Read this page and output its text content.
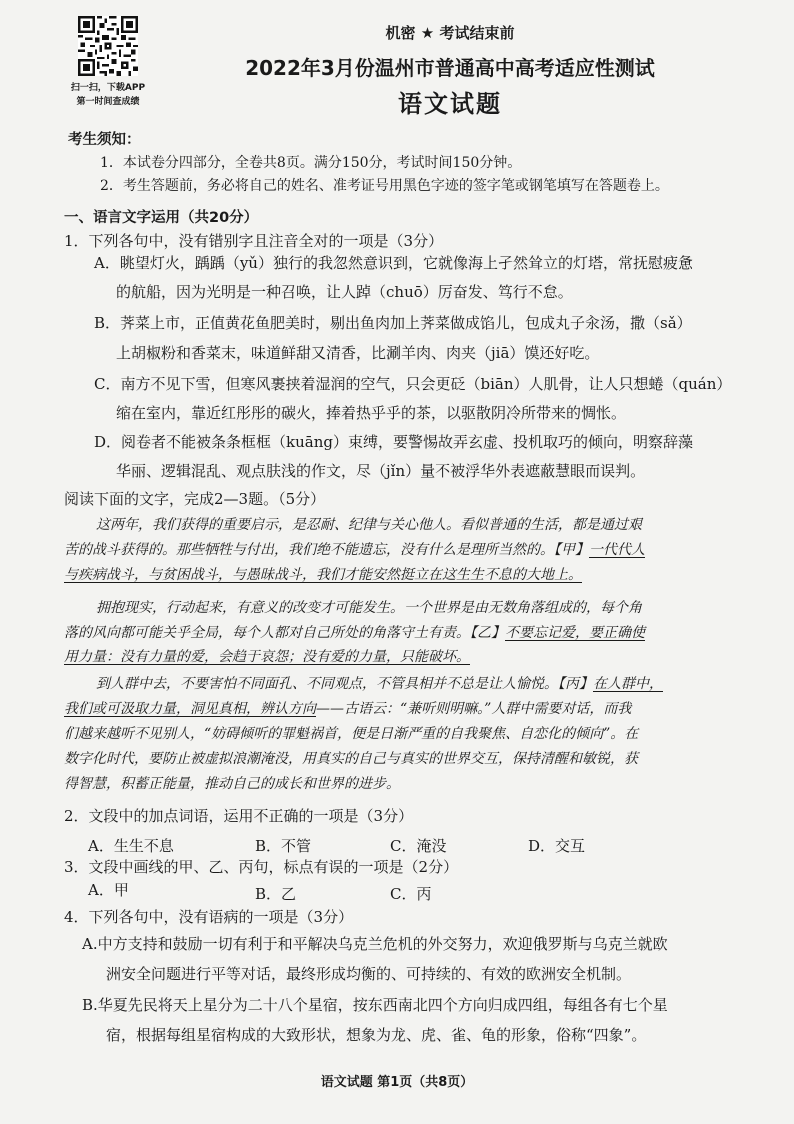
扫一扫，下载APP
第一时间查成绩
机密 ★ 考试结束前
2022年3月份温州市普通高中高考适应性测试
语文试题
考生须知：
1．本试卷分四部分，全卷共8页。满分150分，考试时间150分钟。
2．考生答题前，务必将自己的姓名、准考证号用黑色字迹的签字笔或钢笔填写在答题卷上。
一、语言文字运用（共20分）
1．下列各句中，没有错别字且注音全对的一项是（3分）
A．眺望灯火，踽踽（yǔ）独行的我忽然意识到，它就像海上孑然耸立的灯塔，常抚慰疲惫
的航船，因为光明是一种召唤，让人踔（chuō）厉奋发、笃行不怠。
B．荠菜上市，正值黄花鱼肥美时，剔出鱼肉加上荠菜做成馅儿，包成丸子汆汤，撒（sǎ）
上胡椒粉和香菜末，味道鲜甜又清香，比涮羊肉、肉夹（jiā）馍还好吃。
C．南方不见下雪，但寒风裹挟着湿润的空气，只会更砭（biān）人肌骨，让人只想蜷（quán）
缩在室内，靠近红彤彤的碳火，捧着热乎乎的茶，以驱散阴冷所带来的惆怅。
D．阅卷者不能被条条框框（kuāng）束缚，要警惕故弄玄虚、投机取巧的倾向，明察辞藻
华丽、逻辑混乱、观点肤浅的作文，尽（jǐn）量不被浮华外表遮蔽慧眼而误判。
阅读下面的文字，完成2—3题。（5分）
这两年，我们获得的重要启示，是忍耐、纪律与关心他人。看似普通的生活，都是通过艰
苦的战斗获得的。那些牺牲与付出，我们绝不能遗忘，没有什么是理所当然的。【甲】一代代人
与疾病战斗，与贫困战斗，与愚昧战斗，我们才能安然挺立在这生生不息的大地上。
拥抱现实，行动起来，有意义的改变才可能发生。一个世界是由无数角落组成的，每个角
落的风向都可能关乎全局，每个人都对自己所处的角落守土有责。【乙】不要忘记爱，要正确使
用力量：没有力量的爱，会趋于哀怨；没有爱的力量，只能破坏。
到人群中去，不要害怕不同面孔、不同观点，不管具相并不总是让人愉悦。【丙】在人群中，
我们或可汲取力量，洞见真相，辨认方向——古语云：“兼听则明嘛。”人群中需要对话，而我
们越来越听不见别人，“妨碍倾听的罪魁祸首，便是日渐严重的自我聚焦、自恋化的倾向”。在
数字化时代，要防止被虚拟浪潮淹没，用真实的自己与真实的世界交互，保持清醒和敏锐，获
得智慧，积蓄正能量，推动自己的成长和世界的进步。
2．文段中的加点词语，运用不正确的一项是（3分）
A．生生不息	B．不管	C．淹没	D．交互
3．文段中画线的甲、乙、丙句，标点有误的一项是（2分）
A．甲	B．乙	C．丙
4．下列各句中，没有语病的一项是（3分）
A.中方支持和鼓励一切有利于和平解决乌克兰危机的外交努力，欢迎俄罗斯与乌克兰就欧
洲安全问题进行平等对话，最终形成均衡的、可持续的、有效的欧洲安全机制。
B.华夏先民将天上星分为二十八个星宿，按东西南北四个方向归成四组，每组各有七个星
宿，根据每组星宿构成的大致形状，想象为龙、虎、雀、龟的形象，俗称“四象”。
语文试题 第1页（共8页）
